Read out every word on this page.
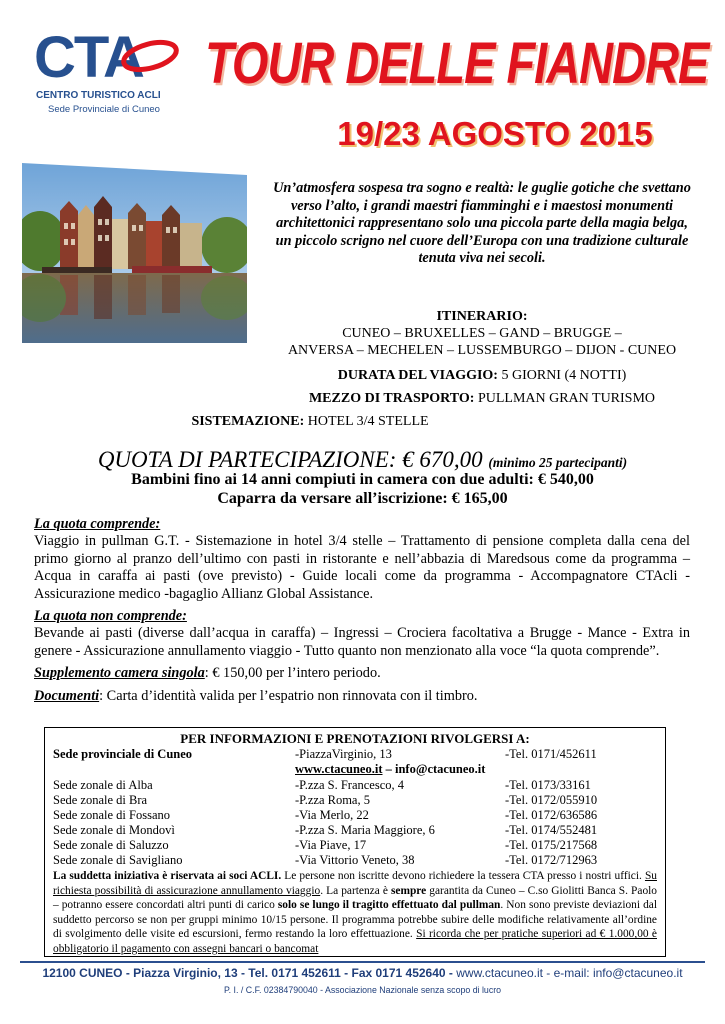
CTA
CENTRO TURISTICO ACLI
Sede Provinciale di Cuneo
TOUR DELLE FIANDRE
19/23 AGOSTO 2015
Un’atmosfera sospesa tra sogno e realtà: le guglie gotiche che svettano verso l’alto, i grandi maestri fiamminghi e i maestosi monumenti architettonici rappresentano solo una piccola parte della magia belga, un piccolo scrigno nel cuore dell’Europa con una tradizione culturale tenuta viva nei secoli.
ITINERARIO:
CUNEO – BRUXELLES – GAND – BRUGGE –
ANVERSA – MECHELEN – LUSSEMBURGO – DIJON - CUNEO
DURATA DEL VIAGGIO: 5 GIORNI (4 NOTTI)
MEZZO DI TRASPORTO: PULLMAN GRAN TURISMO
SISTEMAZIONE: HOTEL 3/4 STELLE
QUOTA DI PARTECIPAZIONE: € 670,00 (minimo 25 partecipanti)
Bambini fino ai 14 anni compiuti in camera con due adulti: € 540,00
Caparra da versare all’iscrizione: € 165,00
La quota comprende:
Viaggio in pullman G.T. - Sistemazione in hotel 3/4 stelle – Trattamento di pensione completa dalla cena del primo giorno al pranzo dell’ultimo con pasti in ristorante e nell’abbazia di Maredsous come da programma – Acqua in caraffa ai pasti (ove previsto) - Guide locali come da programma - Accompagnatore CTAcli - Assicurazione medico -bagaglio Allianz Global Assistance.
La quota non comprende:
Bevande ai pasti (diverse dall’acqua in caraffa) – Ingressi – Crociera facoltativa a Brugge - Mance - Extra in genere - Assicurazione annullamento viaggio - Tutto quanto non menzionato alla voce “la quota comprende”.
Supplemento camera singola: € 150,00 per l’intero periodo.
Documenti: Carta d’identità valida per l’espatrio non rinnovata con il timbro.
PER INFORMAZIONI E PRENOTAZIONI RIVOLGERSI A:
Sede provinciale di Cuneo	-PiazzaVirginio, 13	-Tel. 0171/452611
www.ctacuneo.it – info@ctacuneo.it
Sede zonale di Alba	-P.zza S. Francesco, 4	-Tel. 0173/33161
Sede zonale di Bra	-P.zza Roma, 5	-Tel. 0172/055910
Sede zonale di Fossano	-Via Merlo, 22	-Tel. 0172/636586
Sede zonale di Mondovì	-P.zza S. Maria Maggiore, 6	-Tel. 0174/552481
Sede zonale di Saluzzo	-Via Piave, 17	-Tel. 0175/217568
Sede zonale di Savigliano	-Via Vittorio Veneto, 38	-Tel. 0172/712963
La suddetta iniziativa è riservata ai soci ACLI. Le persone non iscritte devono richiedere la tessera CTA presso i nostri uffici. Su richiesta possibilità di assicurazione annullamento viaggio. La partenza è sempre garantita da Cuneo – C.so Giolitti Banca S. Paolo – potranno essere concordati altri punti di carico solo se lungo il tragitto effettuato dal pullman. Non sono previste deviazioni dal suddetto percorso se non per gruppi minimo 10/15 persone. Il programma potrebbe subire delle modifiche relativamente all’ordine di svolgimento delle visite ed escursioni, fermo restando la loro effettuazione. Si ricorda che per pratiche superiori ad € 1.000,00 è obbligatorio il pagamento con assegni bancari o bancomat
12100 CUNEO - Piazza Virginio, 13 - Tel. 0171 452611 - Fax 0171 452640 - www.ctacuneo.it - e-mail: info@ctacuneo.it
P. I. / C.F. 02384790040 - Associazione Nazionale senza scopo di lucro
